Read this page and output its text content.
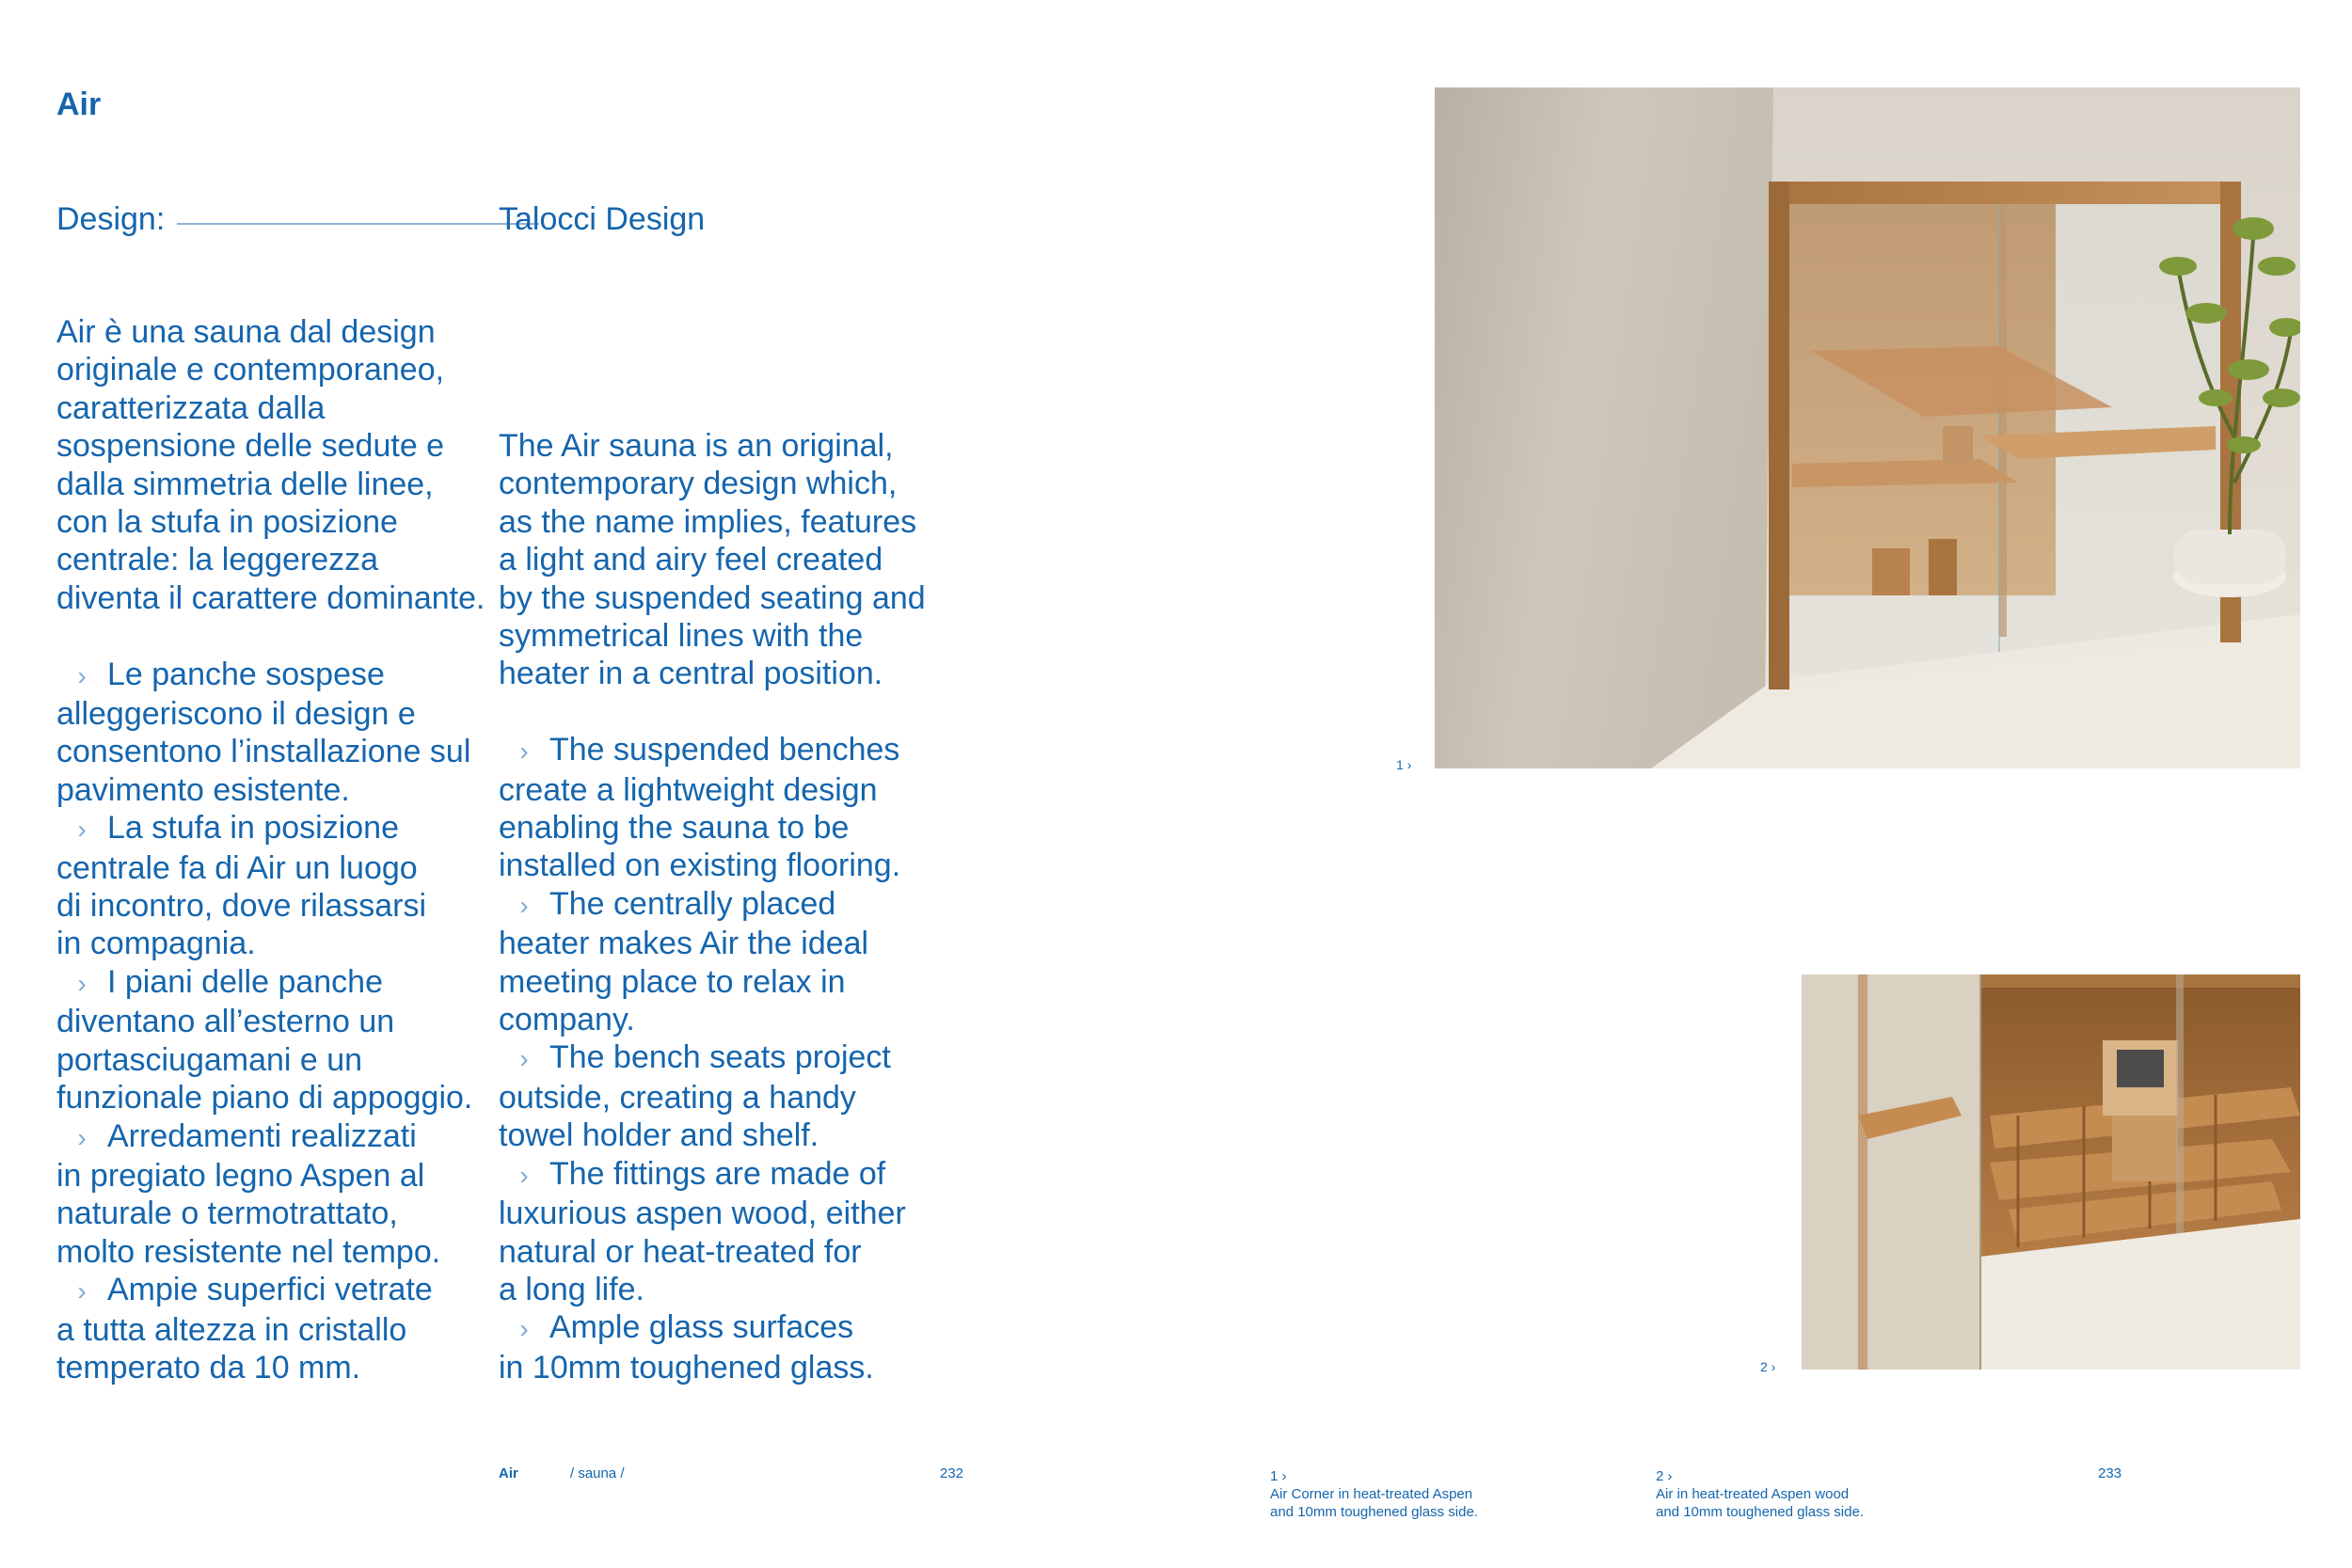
Air
Design:	Talocci Design

Air è una sauna dal design
originale e contemporaneo,
caratterizzata dalla
sospensione delle sedute e
dalla simmetria delle linee,
con la stufa in posizione
centrale: la leggerezza
diventa il carattere dominante.

› Le panche sospese
alleggeriscono il design e
consentono l’installazione sul
pavimento esistente.

› La stufa in posizione
centrale fa di Air un luogo
di incontro, dove rilassarsi
in compagnia.

› I piani delle panche
diventano all’esterno un
portasciugamani e un
funzionale piano di appoggio.

› Arredamenti realizzati
in pregiato legno Aspen al
naturale o termotrattato,
molto resistente nel tempo.

› Ampie superfici vetrate
a tutta altezza in cristallo
temperato da 10 mm.

The Air sauna is an original,
contemporary design which,
as the name implies, features
a light and airy feel created
by the suspended seating and
symmetrical lines with the
heater in a central position.

› The suspended benches
create a lightweight design
enabling the sauna to be
installed on existing flooring.

› The centrally placed
heater makes Air the ideal
meeting place to relax in
company.

› The bench seats project
outside, creating a handy
towel holder and shelf.

› The fittings are made of
luxurious aspen wood, either
natural or heat-treated for
a long life.

› Ample glass surfaces
in 10mm toughened glass.

1 ›
2 ›
Air	/ sauna /	232	233
1 ›
Air Corner in heat-treated Aspen
and 10mm toughened glass side.
2 ›
Air in heat-treated Aspen wood
and 10mm toughened glass side.
